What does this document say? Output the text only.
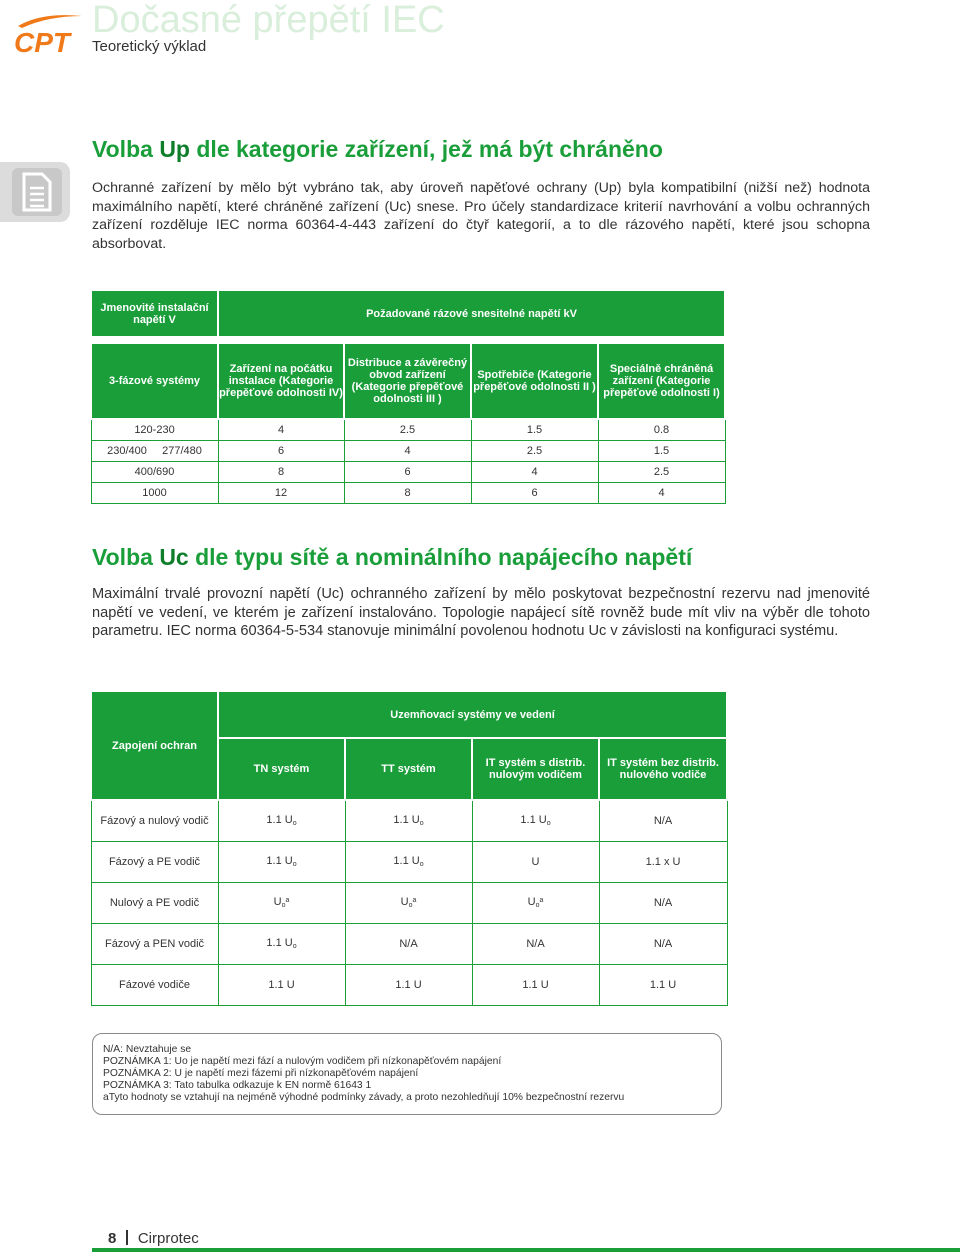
CPT
Dočasné přepětí IEC
Teoretický výklad
Volba Up dle kategorie zařízení, jež má být chráněno
Ochranné zařízení by mělo být vybráno tak, aby úroveň napěťové ochrany (Up) byla kompatibilní (nižší než) hodnota maximálního napětí, které chráněné zařízení (Uc) snese. Pro účely standardizace kriterií navrhování a volbu ochranných zařízení rozděluje IEC norma 60364-4-443 zařízení do čtyř kategorií, a to dle rázového napětí, které jsou schopna absorbovat.
Jmenovité instalační napětí V	Požadované rázové snesitelné napětí kV			

3-fázové systémy	Zařízení na počátku instalace (Kategorie přepěťové odolnosti IV)	Distribuce a závěrečný obvod zařízení (Kategorie přepěťové odolnosti III )	Spotřebiče (Kategorie přepěťové odolnosti II )	Speciálně chráněná zařízení (Kategorie přepěťové odolnosti I)
120-230	4	2.5	1.5	0.8
230/400     277/480	6	4	2.5	1.5
400/690	8	6	4	2.5
1000	12	8	6	4
Volba Uc dle typu sítě a nominálního napájecího napětí
Maximální trvalé provozní napětí (Uc) ochranného zařízení by mělo poskytovat bezpečnostní rezervu nad jmenovité napětí ve vedení, ve kterém je zařízení instalováno. Topologie napájecí sítě rovněž bude mít vliv na výběr dle tohoto parametru. IEC norma 60364-5-534 stanovuje minimální povolenou hodnotu Uc v závislosti na konfiguraci systému.
Zapojení ochran	Uzemňovací systémy ve vedení			
	TN systém	TT systém	IT systém s distrib. nulovým vodičem	IT systém bez distrib. nulového vodiče
Fázový a nulový vodič	1.1 $U_o$	1.1 $U_o$	1.1 $U_o$	N/A
Fázový a PE vodič	1.1 $U_o$	1.1 $U_o$	U	1.1 x U
Nulový a PE vodič	$U_o^a$	$U_o^a$	$U_o^a$	N/A
Fázový a PEN vodič	1.1 $U_o$	N/A	N/A	N/A
Fázové vodiče	1.1 U	1.1 U	1.1 U	1.1 U
N/A: Nevztahuje se
POZNÁMKA 1: Uo je napětí mezi fází a nulovým vodičem při nízkonapěťovém napájení
POZNÁMKA 2: U je napětí mezi fázemi při nízkonapěťovém napájení
POZNÁMKA 3: Tato tabulka odkazuje k EN normě 61643 1
aTyto hodnoty se vztahují na nejméně výhodné podmínky závady, a proto nezohledňují 10% bezpečnostní rezervu
8 Cirprotec
